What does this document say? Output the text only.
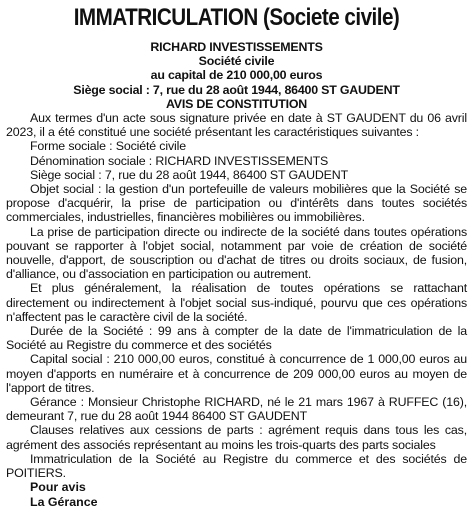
IMMATRICULATION (Societe civile)
RICHARD INVESTISSEMENTS
Société civile
au capital de 210 000,00 euros
Siège social : 7, rue du 28 août 1944, 86400 ST GAUDENT
AVIS DE CONSTITUTION

Aux termes d'un acte sous signature privée en date à ST GAUDENT du 06 avril 2023, il a été constitué une société présentant les caractéristiques suivantes :

Forme sociale : Société civile

Dénomination sociale : RICHARD INVESTISSEMENTS

Siège social : 7, rue du 28 août 1944, 86400 ST GAUDENT

Objet social : la gestion d'un portefeuille de valeurs mobilières que la Société se propose d'acquérir, la prise de participation ou d'intérêts dans toutes sociétés commerciales, industrielles, financières mobilières ou immobilières.

La prise de participation directe ou indirecte de la société dans toutes opérations pouvant se rapporter à l'objet social, notamment par voie de création de société nouvelle, d'apport, de souscription ou d'achat de titres ou droits sociaux, de fusion, d'alliance, ou d'association en participation ou autrement.

Et plus généralement, la réalisation de toutes opérations se rattachant directement ou indirectement à l'objet social sus-indiqué, pourvu que ces opérations n'affectent pas le caractère civil de la société.

Durée de la Société : 99 ans à compter de la date de l'immatriculation de la Société au Registre du commerce et des sociétés

Capital social : 210 000,00 euros, constitué à concurrence de 1 000,00 euros au moyen d'apports en numéraire et à concurrence de 209 000,00 euros au moyen de l'apport de titres.

Gérance : Monsieur Christophe RICHARD, né le 21 mars 1967 à RUFFEC (16), demeurant 7, rue du 28 août 1944 86400 ST GAUDENT

Clauses relatives aux cessions de parts : agrément requis dans tous les cas, agrément des associés représentant au moins les trois-quarts des parts sociales

Immatriculation de la Société au Registre du commerce et des sociétés de POITIERS.

Pour avis
La Gérance
